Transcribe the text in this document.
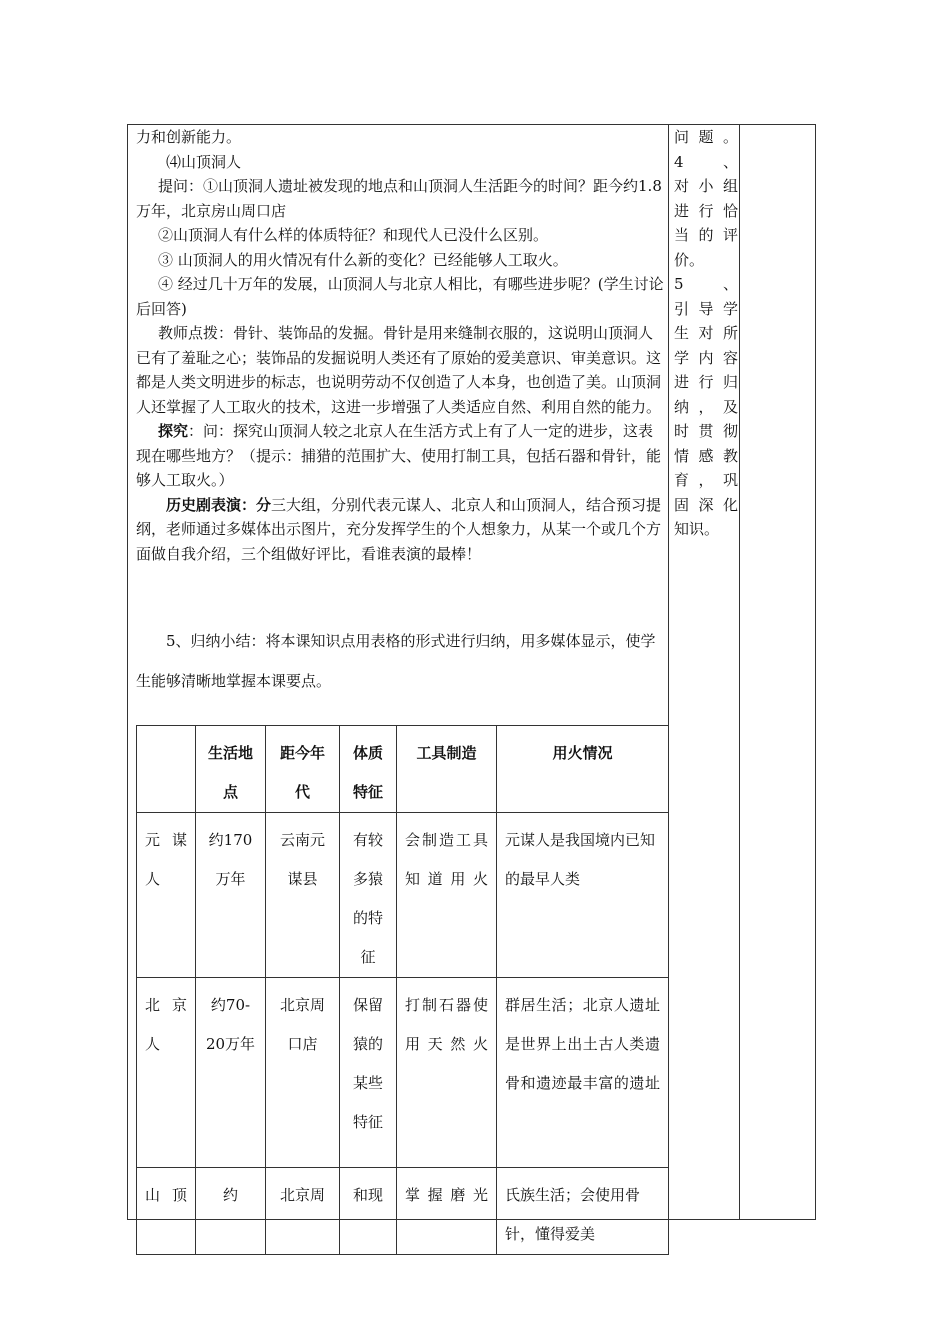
力和创新能力。

⑷山顶洞人

提问：①山顶洞人遗址被发现的地点和山顶洞人生活距今的时间？距今约1.8万年，北京房山周口店

②山顶洞人有什么样的体质特征？和现代人已没什么区别。

③ 山顶洞人的用火情况有什么新的变化？已经能够人工取火。

④ 经过几十万年的发展，山顶洞人与北京人相比，有哪些进步呢？(学生讨论后回答)

教师点拨：骨针、装饰品的发掘。骨针是用来缝制衣服的，这说明山顶洞人已有了羞耻之心；装饰品的发掘说明人类还有了原始的爱美意识、审美意识。这都是人类文明进步的标志，也说明劳动不仅创造了人本身，也创造了美。山顶洞人还掌握了人工取火的技术，这进一步增强了人类适应自然、利用自然的能力。

探究：问：探究山顶洞人较之北京人在生活方式上有了人一定的进步，这表现在哪些地方？（提示：捕猎的范围扩大、使用打制工具，包括石器和骨针，能够人工取火。）

历史剧表演：分三大组，分别代表元谋人、北京人和山顶洞人，结合预习提纲，老师通过多媒体出示图片，充分发挥学生的个人想象力，从某一个或几个方面做自我介绍，三个组做好评比，看谁表演的最棒！

5、归纳小结：将本课知识点用表格的形式进行归纳，用多媒体显示，使学生能够清晰地掌握本课要点。

问题。

4 、

对小组

进行恰

当的评

价。

5 、

引导学

生对所

学内容

进行归

纳，及

时贯彻

情感教

育，巩

固深化

知识。

	生活地点	距今年代	体质特征	工具制造	用火情况
元谋人	约170万年	云南元谋县	有较多猿的特征	会制造工具知道用火	元谋人是我国境内已知的最早人类
北京人	约70-20万年	北京周口店	保留猿的某些特征	打制石器使用天然火	群居生活；北京人遗址是世界上出土古人类遗骨和遗迹最丰富的遗址
山顶	约	北京周	和现	掌握磨光	氏族生活；会使用骨针，懂得爱美
